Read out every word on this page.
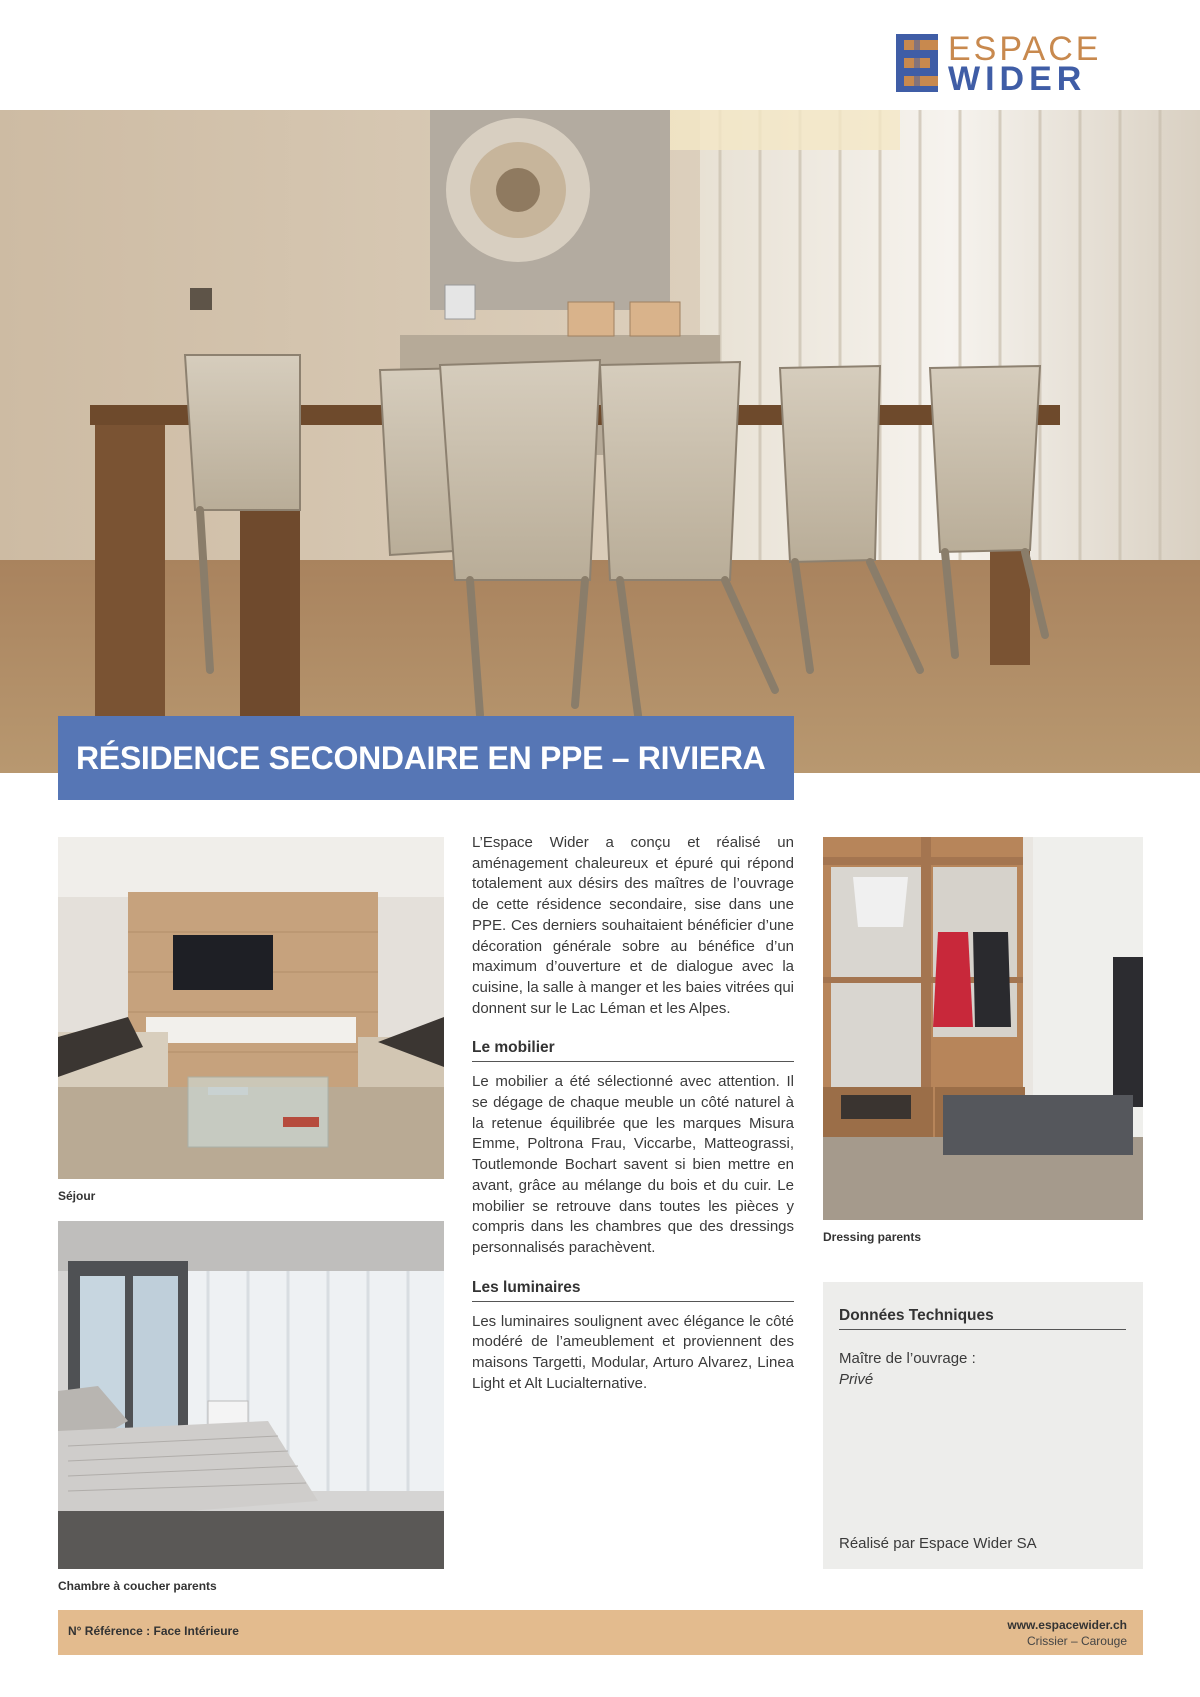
ESPACE
WIDER
RÉSIDENCE SECONDAIRE EN PPE – RIVIERA
Séjour
Chambre à coucher parents
Dressing parents

L’Espace Wider a conçu et réalisé un aménagement chaleureux et épuré qui répond totalement aux désirs des maîtres de l’ouvrage de cette résidence secondaire, sise dans une PPE. Ces derniers souhaitaient bénéficier d’une décoration générale sobre au bénéfice d’un maximum d’ouverture et de dialogue avec la cuisine, la salle à manger et les baies vitrées qui donnent sur le Lac Léman et les Alpes.

Le mobilier

Le mobilier a été sélectionné avec attention. Il se dégage de chaque meuble un côté naturel à la retenue équilibrée que les marques Misura Emme, Poltrona Frau, Viccarbe, Matteograssi, Toutlemonde Bochart savent si bien mettre en avant, grâce au mélange du bois et du cuir. Le mobilier se retrouve dans toutes les pièces y compris dans les chambres que des dressings personnalisés parachèvent.

Les luminaires

Les luminaires soulignent avec élégance le côté modéré de l’ameublement et proviennent des maisons Targetti, Modular, Arturo Alvarez, Linea Light et Alt Lucialternative.

Données Techniques
Maître de l’ouvrage :
Privé
Réalisé par Espace Wider SA
N° Référence : Face Intérieure	www.espacewider.ch
Crissier – Carouge
